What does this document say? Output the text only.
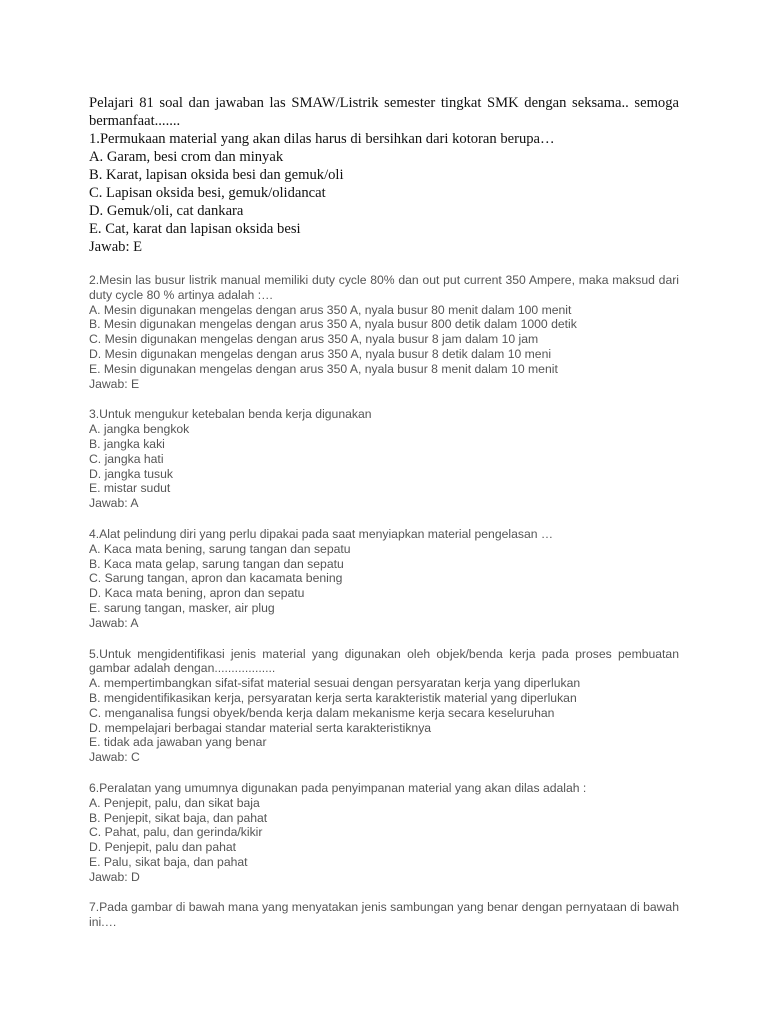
Pelajari 81 soal dan jawaban las SMAW/Listrik semester tingkat SMK dengan seksama.. semoga bermanfaat.......
1.Permukaan material yang akan dilas harus di bersihkan dari kotoran berupa…
A. Garam, besi crom dan minyak
B. Karat, lapisan oksida besi dan gemuk/oli
C. Lapisan oksida besi, gemuk/olidancat
D. Gemuk/oli, cat dankara
E. Cat, karat dan lapisan oksida besi
Jawab: E
2.Mesin las busur listrik manual memiliki duty cycle 80% dan out put current 350 Ampere, maka maksud dari duty cycle 80 % artinya adalah :…
A. Mesin digunakan mengelas dengan arus 350 A, nyala busur 80 menit dalam 100 menit
B. Mesin digunakan mengelas dengan arus 350 A, nyala busur 800 detik dalam 1000 detik
C. Mesin digunakan mengelas dengan arus 350 A, nyala busur 8 jam dalam 10 jam
D. Mesin digunakan mengelas dengan arus 350 A, nyala busur 8 detik dalam 10 meni
E. Mesin digunakan mengelas dengan arus 350 A, nyala busur 8 menit dalam 10 menit
Jawab: E
3.Untuk mengukur ketebalan benda kerja digunakan
A. jangka bengkok
B. jangka kaki
C. jangka hati
D. jangka tusuk
E. mistar sudut
Jawab: A
4.Alat pelindung diri yang perlu dipakai pada saat menyiapkan material pengelasan …
A. Kaca mata bening, sarung tangan dan sepatu
B. Kaca mata gelap, sarung tangan dan sepatu
C. Sarung tangan, apron dan kacamata bening
D. Kaca mata bening, apron dan sepatu
E. sarung tangan, masker, air plug
Jawab: A
5.Untuk mengidentifikasi jenis material yang digunakan oleh objek/benda kerja pada proses pembuatan gambar adalah dengan..................
A. mempertimbangkan sifat-sifat material sesuai dengan persyaratan kerja yang diperlukan
B. mengidentifikasikan kerja, persyaratan kerja serta karakteristik material yang diperlukan
C. menganalisa fungsi obyek/benda kerja dalam mekanisme kerja secara keseluruhan
D. mempelajari berbagai standar material serta karakteristiknya
E. tidak ada jawaban yang benar
Jawab: C
6.Peralatan yang umumnya digunakan pada penyimpanan material yang akan dilas adalah :
A. Penjepit, palu, dan sikat baja
B. Penjepit, sikat baja, dan pahat
C. Pahat, palu, dan gerinda/kikir
D. Penjepit, palu dan pahat
E. Palu, sikat baja, dan pahat
Jawab: D
7.Pada gambar di bawah mana yang menyatakan jenis sambungan yang benar dengan pernyataan di bawah ini.…
